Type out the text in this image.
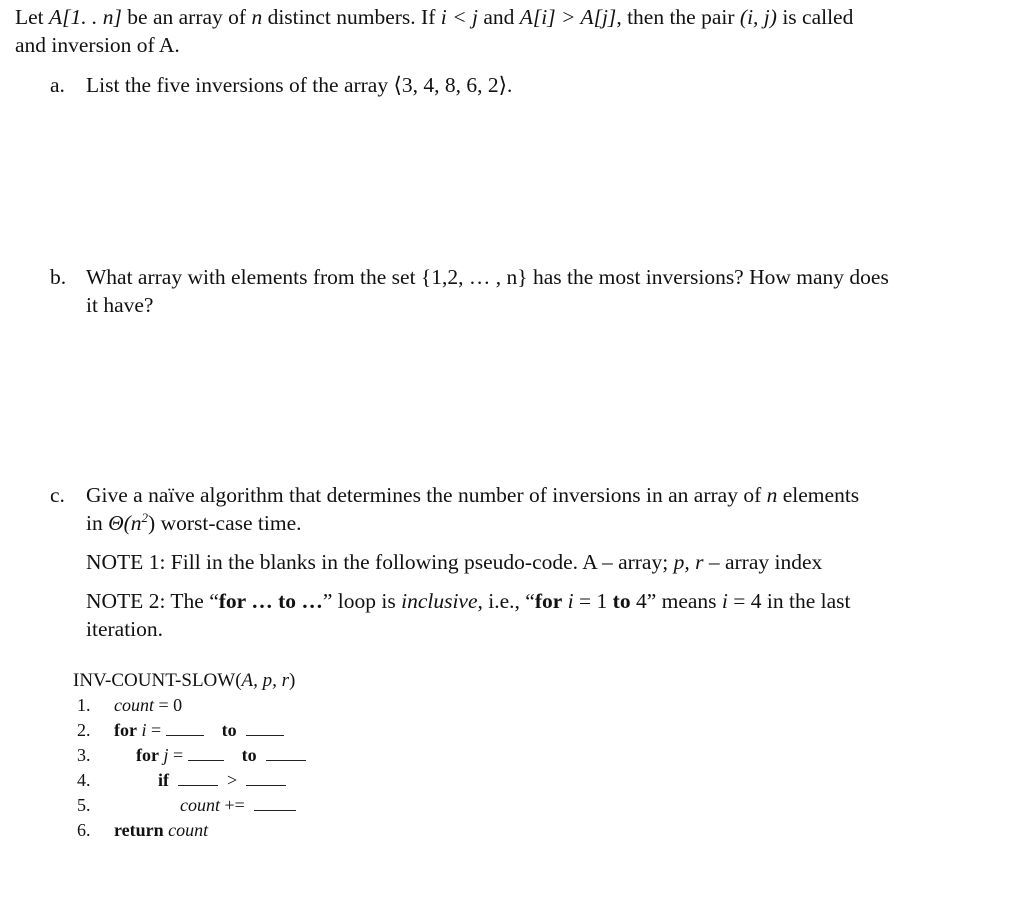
Let A[1. . n] be an array of n distinct numbers. If i < j and A[i] > A[j], then the pair (i, j) is called
and inversion of A.
a. List the five inversions of the array ⟨3, 4, 8, 6, 2⟩.
b. What array with elements from the set {1,2, … , n} has the most inversions? How many does
it have?
c. Give a naïve algorithm that determines the number of inversions in an array of n elements
in $\Theta(n^2)$ worst-case time.
NOTE 1: Fill in the blanks in the following pseudo-code. A – array; p, r – array index
NOTE 2: The “for … to …” loop is inclusive, i.e., “for i = 1 to 4” means i = 4 in the last
iteration.
INV-COUNT-SLOW(A, p, r)
1. count = 0
2. for i =	to
3.	for j =	to
4.	if	>
5.	count +=
6. return count
